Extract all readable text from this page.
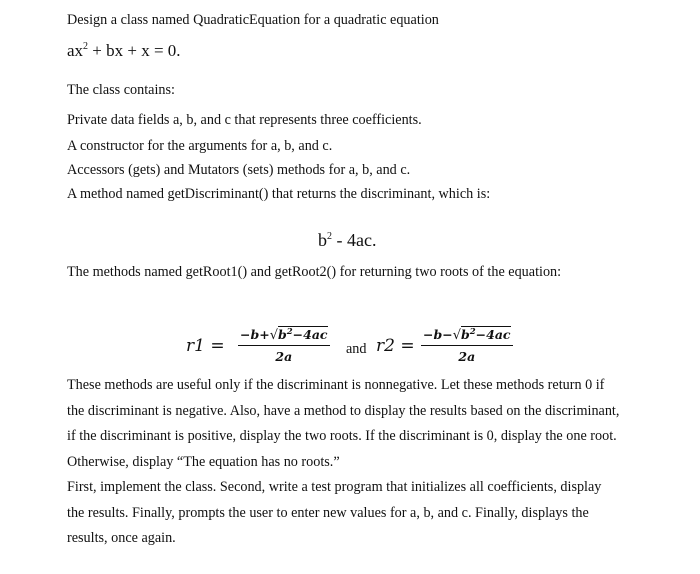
Design a class named QuadraticEquation for a quadratic equation

$ax^2$ + bx + x = 0.

The class contains:

Private data fields a, b, and c that represents three coefficients.

A constructor for the arguments for a, b, and c.

Accessors (gets) and Mutators (sets) methods for a, b, and c.

A method named getDiscriminant() that returns the discriminant, which is:

$b^2 - 4ac$.

The methods named getRoot1() and getRoot2() for returning two roots of the equation:

$r1 = \frac{-b+√b^2-4ac}{2a}$ and $r2 = \frac{-b-√b^2-4ac}{2a}$

These methods are useful only if the discriminant is nonnegative. Let these methods return 0 if

the discriminant is negative. Also, have a method to display the results based on the discriminant,

if the discriminant is positive, display the two roots. If the discriminant is 0, display the one root.

Otherwise, display “The equation has no roots.”

First, implement the class. Second, write a test program that initializes all coefficients, display

the results. Finally, prompts the user to enter new values for a, b, and c. Finally, displays the

results, once again.
